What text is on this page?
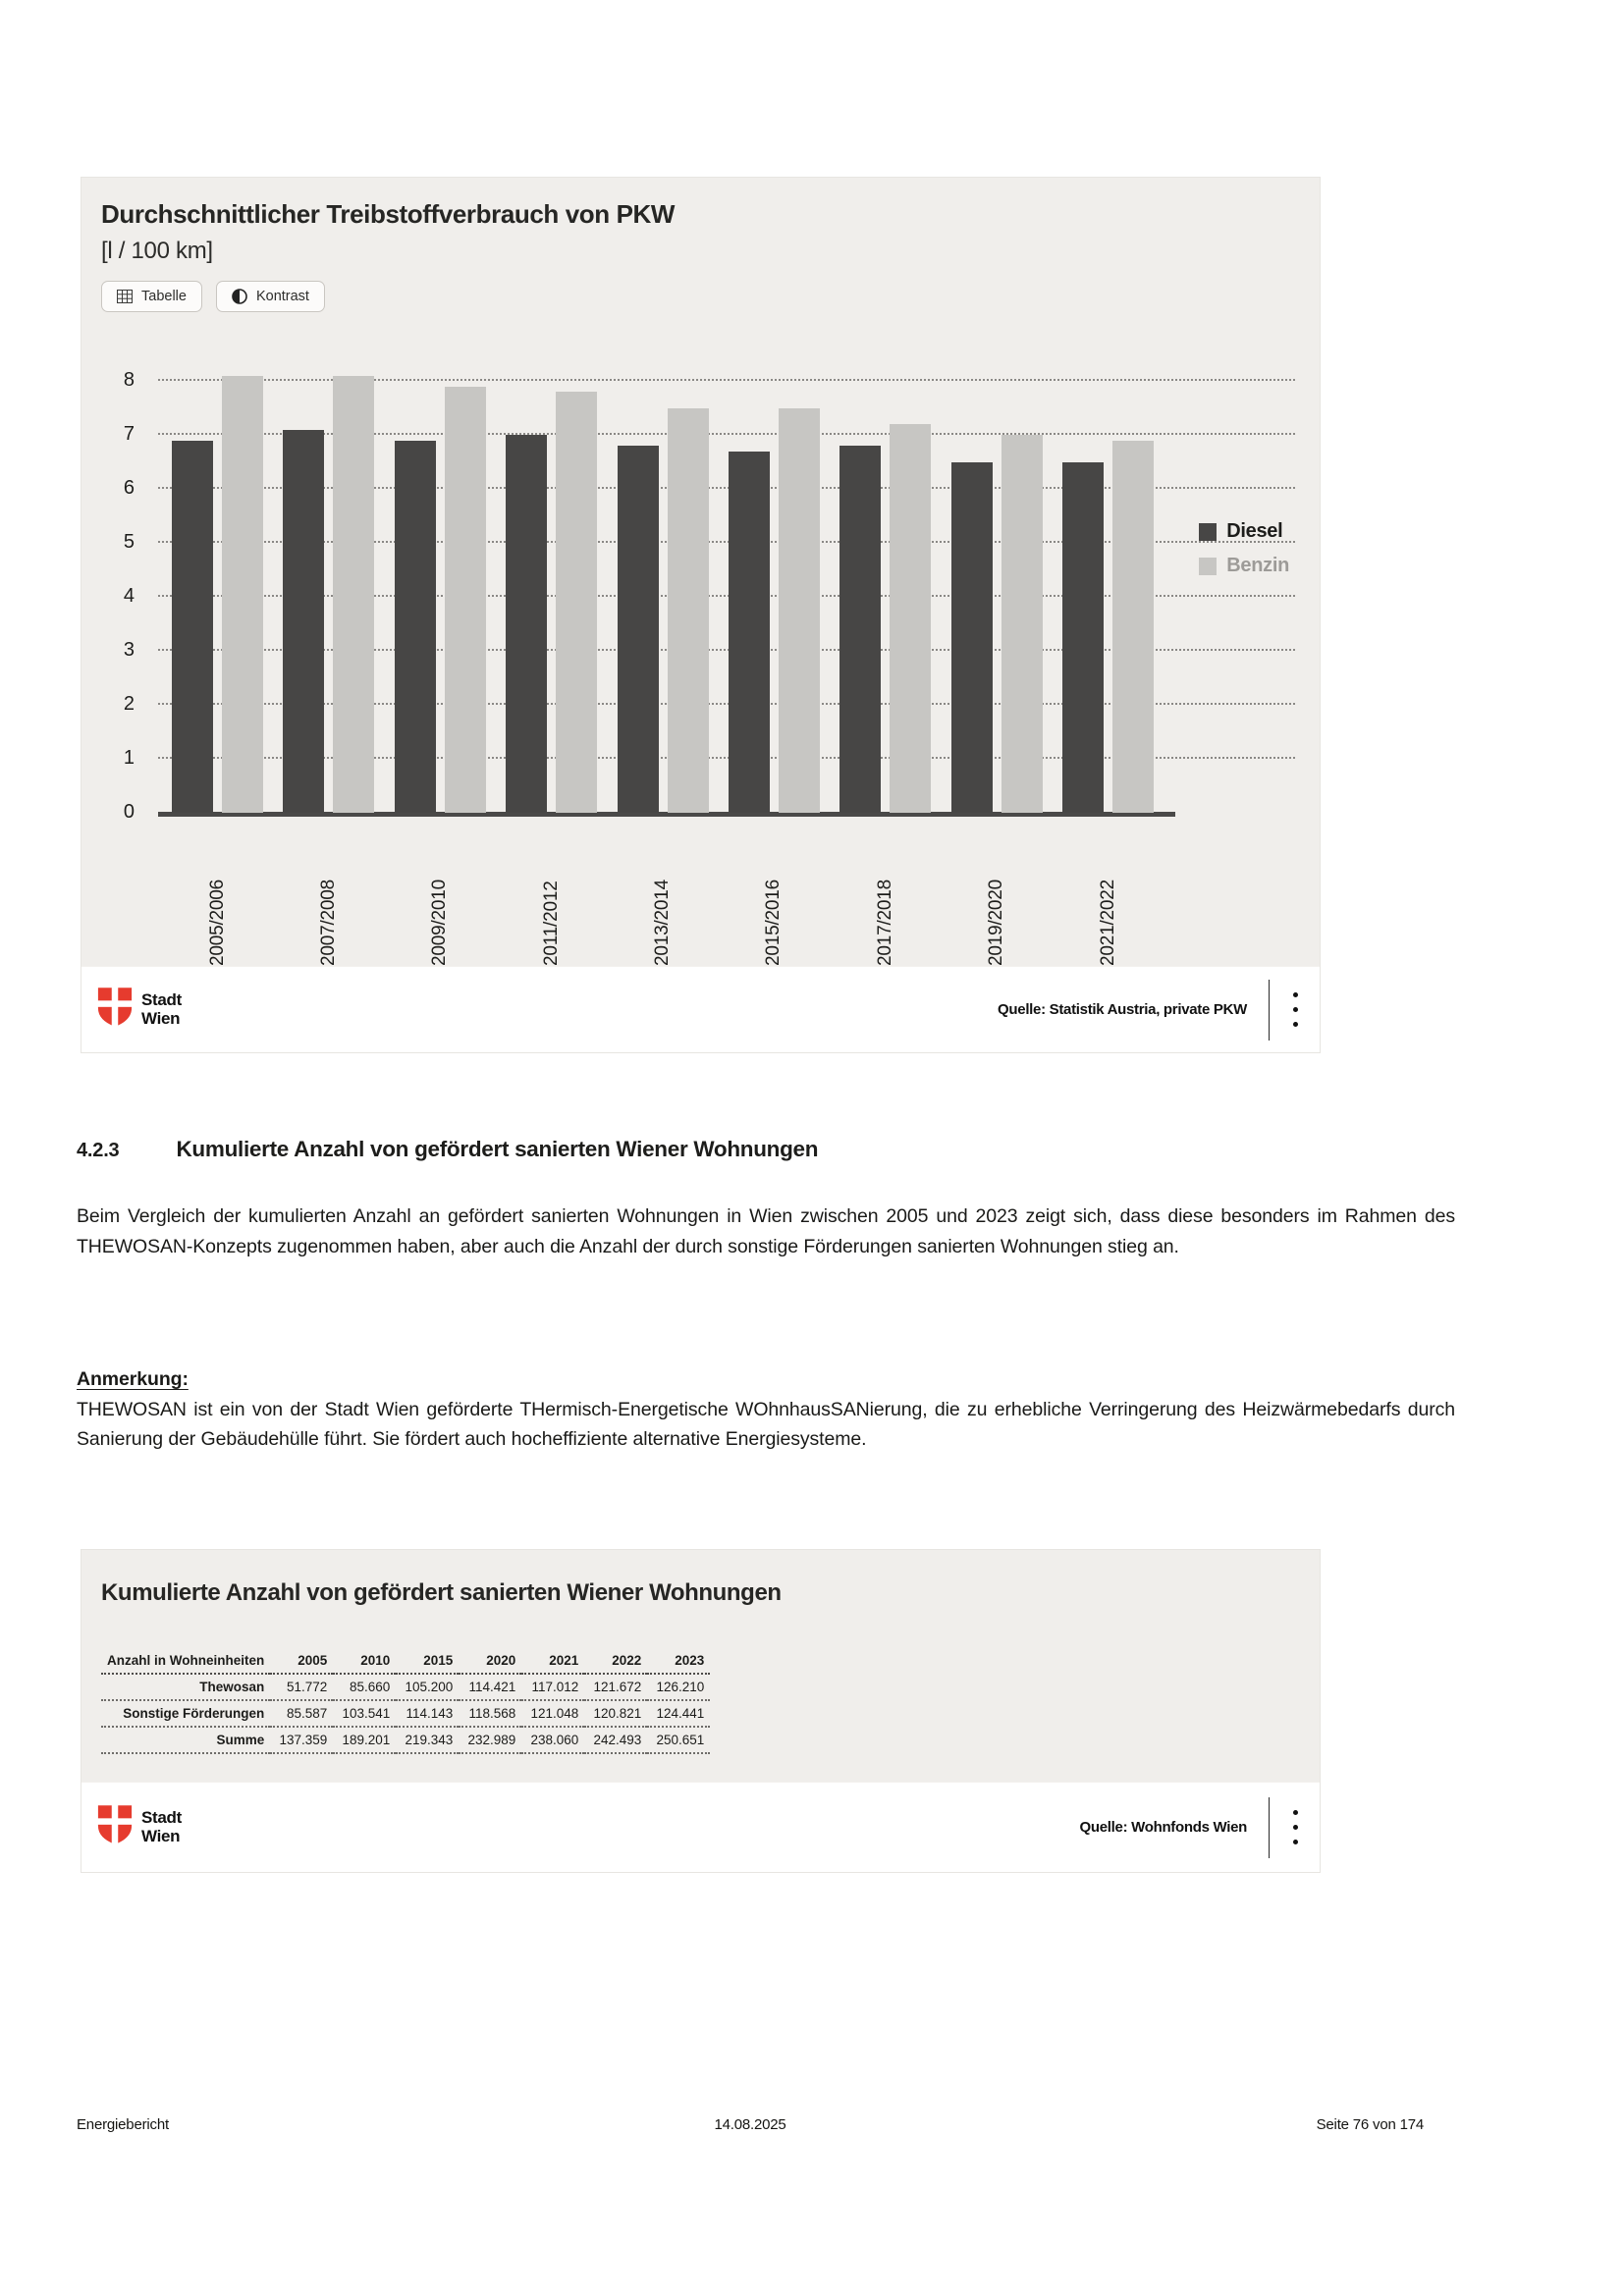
Durchschnittlicher Treibstoffverbrauch von PKW
[l / 100 km]
Tabelle	Kontrast
0
1
2
3
4
5
6
7
8
Diesel
Benzin
2005/2006	2007/2008	2009/2010	2011/2012	2013/2014	2015/2016	2017/2018	2019/2020	2021/2022
Stadt
Wien	Quelle: Statistik Austria, private PKW
4.2.3	Kumulierte Anzahl von gefördert sanierten Wiener Wohnungen

Beim Vergleich der kumulierten Anzahl an gefördert sanierten Wohnungen in Wien zwischen 2005 und 2023 zeigt sich, dass diese besonders im Rahmen des THEWOSAN-Konzepts zugenommen haben, aber auch die Anzahl der durch sonstige Förderungen sanierten Wohnungen stieg an.

Anmerkung:
THEWOSAN ist ein von der Stadt Wien geförderte THermisch-Energetische WOhnhausSANierung, die zu erhebliche Verringerung des Heizwärmebedarfs durch Sanierung der Gebäudehülle führt. Sie fördert auch hocheffiziente alternative Energiesysteme.

Kumulierte Anzahl von gefördert sanierten Wiener Wohnungen
Anzahl in Wohneinheiten	2005	2010	2015	2020	2021	2022	2023
Thewosan	51.772	85.660	105.200	114.421	117.012	121.672	126.210
Sonstige Förderungen	85.587	103.541	114.143	118.568	121.048	120.821	124.441
Summe	137.359	189.201	219.343	232.989	238.060	242.493	250.651
Stadt
Wien	Quelle: Wohnfonds Wien
Energiebericht	14.08.2025	Seite 76 von 174
